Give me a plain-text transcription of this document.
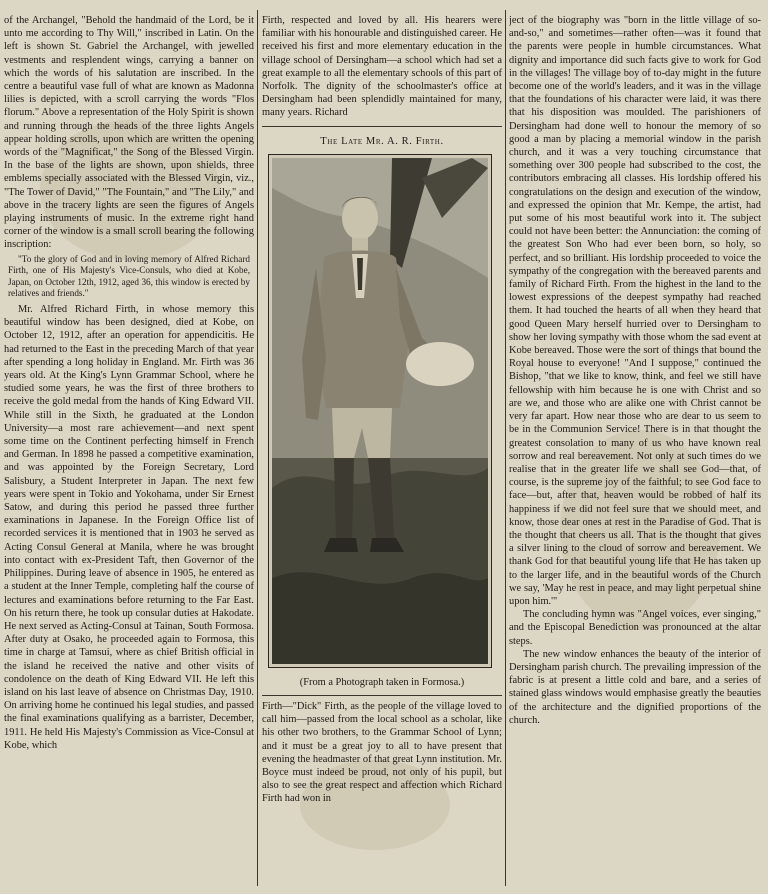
of the Archangel, "Behold the handmaid of the Lord, be it unto me according to Thy Will," inscribed in Latin. On the left is shown St. Gabriel the Archangel, with jewelled vestments and resplendent wings, carrying a banner on which the words of his salutation are inscribed. In the centre a beautiful vase full of what are known as Madonna lilies is depicted, with a scroll carrying the words "Flos florum." Above a representation of the Holy Spirit is shown and running through the heads of the three lights Angels appear holding scrolls, upon which are written the opening words of the "Magnificat," the Song of the Blessed Virgin. In the base of the lights are shown, upon shields, three emblems specially associated with the Blessed Virgin, viz., "The Tower of David," "The Fountain," and "The Lily," and above in the tracery lights are seen the figures of Angels playing instruments of music. In the extreme right hand corner of the window is a small scroll bearing the following inscription:

"To the glory of God and in loving memory of Alfred Richard Firth, one of His Majesty's Vice-Consuls, who died at Kobe, Japan, on October 12th, 1912, aged 36, this window is erected by relatives and friends."

Mr. Alfred Richard Firth, in whose memory this beautiful window has been designed, died at Kobe, on October 12, 1912, after an operation for appendicitis. He had returned to the East in the preceding March of that year after spending a long holiday in England. Mr. Firth was 36 years old. At the King's Lynn Grammar School, where he studied some years, he was the first of three brothers to receive the gold medal from the hands of King Edward VII. While still in the Sixth, he graduated at the London University—a most rare achievement—and next spent some time on the Continent perfecting himself in French and German. In 1898 he passed a competitive examination, and was appointed by the Foreign Secretary, Lord Salisbury, a Student Interpreter in Japan. The next few years were spent in Tokio and Yokohama, under Sir Ernest Satow, and during this period he passed three further examinations in Japanese. In the Foreign Office list of recorded services it is mentioned that in 1903 he served as Acting Consul General at Manila, where he was brought into contact with ex-President Taft, then Governor of the Philippines. During leave of absence in 1905, he entered as a student at the Inner Temple, completing half the course of lectures and examinations before returning to the Far East. On his return there, he took up consular duties at Hakodate. He next served as Acting-Consul at Tainan, South Formosa. After duty at Osako, he proceeded again to Formosa, this time in charge at Tamsui, where as chief British official in the island he received the native and other visits of condolence on the death of King Edward VII. He left this island on his last leave of absence on Christmas Day, 1910. On arriving home he continued his legal studies, and passed the final examinations qualifying as a barrister, December, 1911. He held His Majesty's Commission as Vice-Consul at Kobe, which

Firth, respected and loved by all. His hearers were familiar with his honourable and distinguished career. He received his first and more elementary education in the village school of Dersingham—a school which had set a great example to all the elementary schools of this part of Norfolk. The dignity of the schoolmaster's office at Dersingham had been splendidly maintained for many, many years. Richard

The Late Mr. A. R. Firth.
(From a Photograph taken in Formosa.)

Firth—"Dick" Firth, as the people of the village loved to call him—passed from the local school as a scholar, like his other two brothers, to the Grammar School of Lynn; and it must be a great joy to all to have present that evening the headmaster of that great Lynn institution. Mr. Boyce must indeed be proud, not only of his pupil, but also to see the great respect and affection which Richard Firth had won in

ject of the biography was "born in the little village of so-and-so," and sometimes—rather often—was it found that the parents were people in humble circumstances. What dignity and importance did such facts give to work for God in the villages! The village boy of to-day might in the future become one of the world's leaders, and it was in the village that the foundations of his character were laid, it was there that his disposition was moulded. The parishioners of Dersingham had done well to honour the memory of so good a man by placing a memorial window in the parish church, and it was a very touching circumstance that something over 300 people had subscribed to the cost, the contributors embracing all classes. His lordship offered his congratulations on the design and execution of the window, and expressed the opinion that Mr. Kempe, the artist, had put some of his most beautiful work into it. The subject could not have been better: the Annunciation: the coming of the greatest Son Who had ever been born, so holy, so perfect, and so brilliant. His lordship proceeded to voice the sympathy of the congregation with the bereaved parents and family of Richard Firth. From the highest in the land to the lowest expressions of the deepest sympathy had reached them. It had touched the hearts of all when they heard that good Queen Mary herself hurried over to Dersingham to show her loving sympathy with those whom the sad event at Kobe bereaved. Those were the sort of things that bound the Royal house to everyone! "And I suppose," continued the Bishop, "that we like to know, think, and feel we still have fellowship with him because he is one with Christ and so are we, and those who are alike one with Christ cannot be very far apart. How near those who are dear to us seem to be in the Communion Service! There is in that thought the greatest consolation to many of us who have known real sorrow and real bereavement. Not only at such times do we realise that in the greater life we shall see God—that, of course, is the supreme joy of the faithful; to see God face to face—but, after that, heaven would be robbed of half its happiness if we did not feel sure that we should meet, and know, those dear ones at rest in the Paradise of God. That is the thought that cheers us all. That is the thought that gives a silver lining to the cloud of sorrow and bereavement. We thank God for that beautiful young life that He has taken up to the larger life, and in the beautiful words of the Church we say, 'May he rest in peace, and may light perpetual shine upon him.'"

The concluding hymn was "Angel voices, ever singing," and the Episcopal Benediction was pronounced at the altar steps.

The new window enhances the beauty of the interior of Dersingham parish church. The prevailing impression of the fabric is at present a little cold and bare, and a series of stained glass windows would emphasise greatly the beauties of the architecture and the dignified proportions of the church.
